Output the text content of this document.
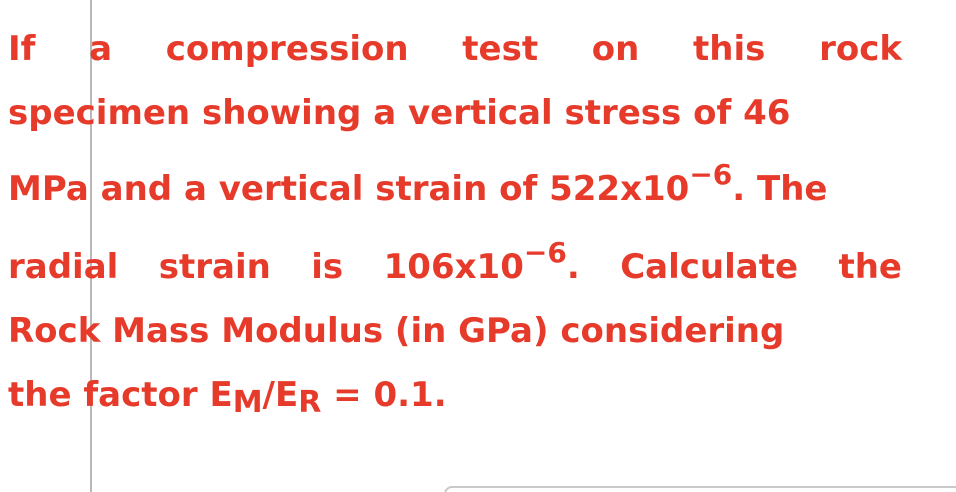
If a compression test on this rock
specimen showing a vertical stress of 46
MPa and a vertical strain of $522x10^{-6}$. The
radial strain is $106x10^{-6}$. Calculate the
Rock Mass Modulus (in GPa) considering
the factor EM/ER = 0.1.
